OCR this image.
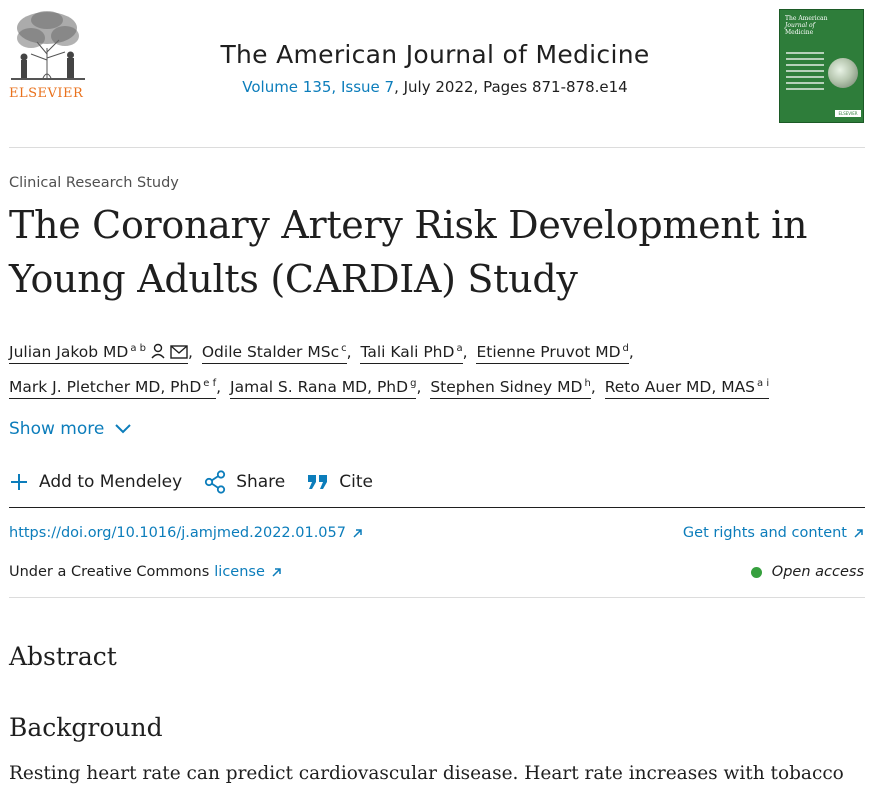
ELSEVIER
The American Journal of Medicine
Volume 135, Issue 7, July 2022, Pages 871-878.e14
The American
Journal of
Medicine
ELSEVIER
Clinical Research Study
The Coronary Artery Risk Development in Young Adults (CARDIA) Study
Julian Jakob MD $^{a b}$	, Odile Stalder MSc $^c$, Tali Kali PhD $^a$, Etienne Pruvot MD $^d$,
Mark J. Pletcher MD, PhD $^{e f}$, Jamal S. Rana MD, PhD $^g$, Stephen Sidney MD $^h$, Reto Auer MD, MAS $^{a i}$
Show more
Add to Mendeley	Share	Cite
https://doi.org/10.1016/j.amjmed.2022.01.057	Get rights and content
Under a Creative Commons license	Open access
Abstract
Background
Resting heart rate can predict cardiovascular disease. Heart rate increases with tobacco
